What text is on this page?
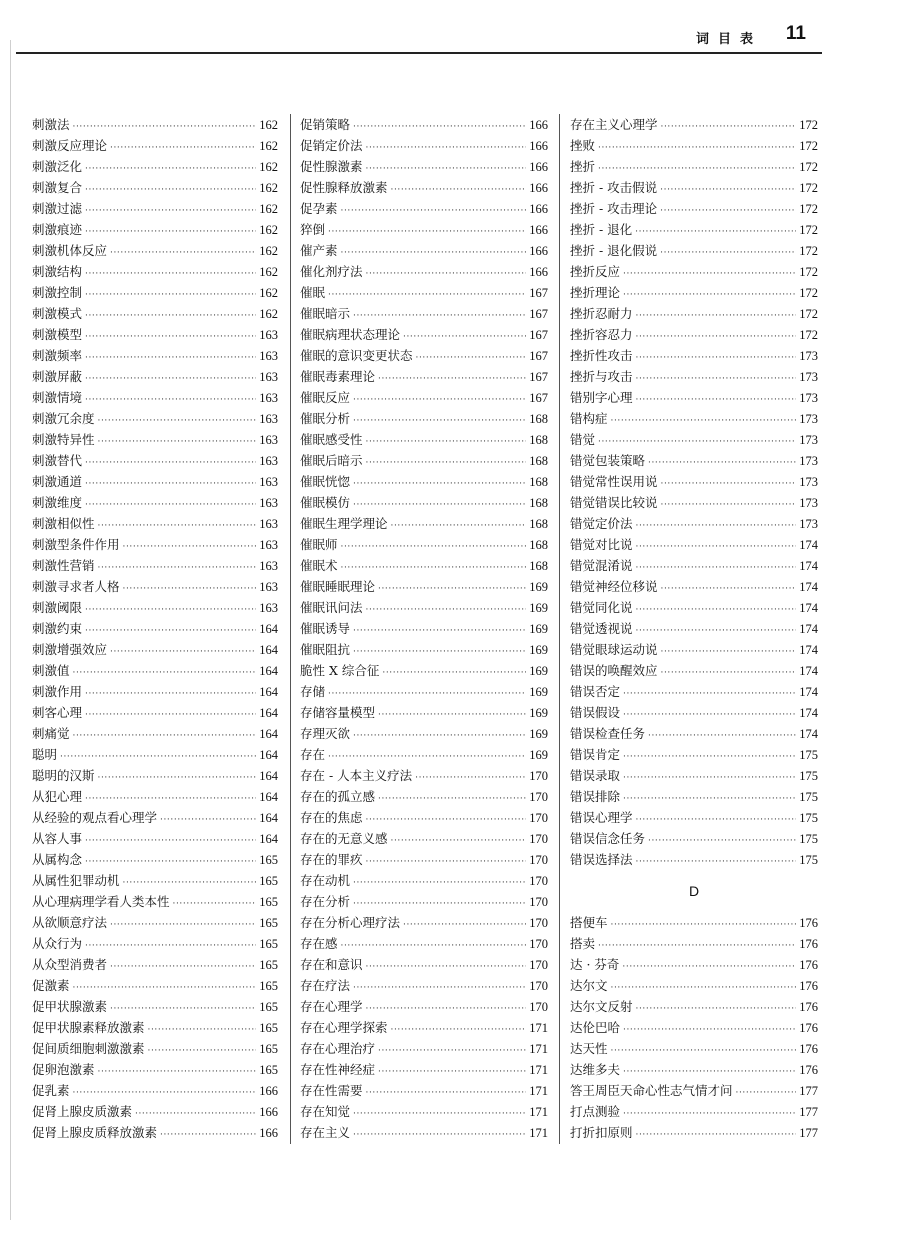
词目表 11
刺激法 ·····	162
刺激反应理论 ·····	162
刺激泛化 ·····	162
刺激复合 ·····	162
刺激过滤 ·····	162
刺激痕迹 ·····	162
刺激机体反应 ·····	162
刺激结构 ·····	162
刺激控制 ·····	162
刺激模式 ·····	162
刺激模型 ·····	163
刺激频率 ·····	163
刺激屏蔽 ·····	163
刺激情境 ·····	163
刺激冗余度 ·····	163
刺激特异性 ·····	163
刺激替代 ·····	163
刺激通道 ·····	163
刺激维度 ·····	163
刺激相似性 ·····	163
刺激型条件作用 ·····	163
刺激性营销 ·····	163
刺激寻求者人格 ·····	163
刺激阈限 ·····	163
刺激约束 ·····	164
刺激增强效应 ·····	164
刺激值 ·····	164
刺激作用 ·····	164
刺客心理 ·····	164
刺痛觉 ·····	164
聪明 ·····	164
聪明的汉斯 ·····	164
从犯心理 ·····	164
从经验的观点看心理学 ·····	164
从容人事 ·····	164
从属构念 ·····	165
从属性犯罪动机 ·····	165
从心理病理学看人类本性 ·····	165
从欲顺意疗法 ·····	165
从众行为 ·····	165
从众型消费者 ·····	165
促激素 ·····	165
促甲状腺激素 ·····	165
促甲状腺素释放激素 ·····	165
促间质细胞刺激激素 ·····	165
促卵泡激素 ·····	165
促乳素 ·····	166
促肾上腺皮质激素 ·····	166
促肾上腺皮质释放激素 ·····	166
促销策略 ·····	166
促销定价法 ·····	166
促性腺激素 ·····	166
促性腺释放激素 ·····	166
促孕素 ·····	166
猝倒 ·····	166
催产素 ·····	166
催化剂疗法 ·····	166
催眠 ·····	167
催眠暗示 ·····	167
催眠病理状态理论 ·····	167
催眠的意识变更状态 ·····	167
催眠毒素理论 ·····	167
催眠反应 ·····	167
催眠分析 ·····	168
催眠感受性 ·····	168
催眠后暗示 ·····	168
催眠恍惚 ·····	168
催眠模仿 ·····	168
催眠生理学理论 ·····	168
催眠师 ·····	168
催眠术 ·····	168
催眠睡眠理论 ·····	169
催眠讯问法 ·····	169
催眠诱导 ·····	169
催眠阻抗 ·····	169
脆性 X 综合征 ·····	169
存储 ·····	169
存储容量模型 ·····	169
存理灭欲 ·····	169
存在 ·····	169
存在 - 人本主义疗法 ·····	170
存在的孤立感 ·····	170
存在的焦虑 ·····	170
存在的无意义感 ·····	170
存在的罪疚 ·····	170
存在动机 ·····	170
存在分析 ·····	170
存在分析心理疗法 ·····	170
存在感 ·····	170
存在和意识 ·····	170
存在疗法 ·····	170
存在心理学 ·····	170
存在心理学探索 ·····	171
存在心理治疗 ·····	171
存在性神经症 ·····	171
存在性需要 ·····	171
存在知觉 ·····	171
存在主义 ·····	171
存在主义心理学 ·····	172
挫败 ·····	172
挫折 ·····	172
挫折 - 攻击假说 ·····	172
挫折 - 攻击理论 ·····	172
挫折 - 退化 ·····	172
挫折 - 退化假说 ·····	172
挫折反应 ·····	172
挫折理论 ·····	172
挫折忍耐力 ·····	172
挫折容忍力 ·····	172
挫折性攻击 ·····	173
挫折与攻击 ·····	173
错别字心理 ·····	173
错构症 ·····	173
错觉 ·····	173
错觉包装策略 ·····	173
错觉常性误用说 ·····	173
错觉错误比较说 ·····	173
错觉定价法 ·····	173
错觉对比说 ·····	174
错觉混淆说 ·····	174
错觉神经位移说 ·····	174
错觉同化说 ·····	174
错觉透视说 ·····	174
错觉眼球运动说 ·····	174
错误的唤醒效应 ·····	174
错误否定 ·····	174
错误假设 ·····	174
错误检查任务 ·····	174
错误肯定 ·····	175
错误录取 ·····	175
错误排除 ·····	175
错误心理学 ·····	175
错误信念任务 ·····	175
错误选择法 ·····	175
D
搭便车 ·····	176
搭卖 ·····	176
达 · 芬奇 ·····	176
达尔文 ·····	176
达尔文反射 ·····	176
达伦巴哈 ·····	176
达天性 ·····	176
达维多夫 ·····	176
答王周臣天命心性志气情才问 ·····	177
打点测验 ·····	177
打折扣原则 ·····	177
